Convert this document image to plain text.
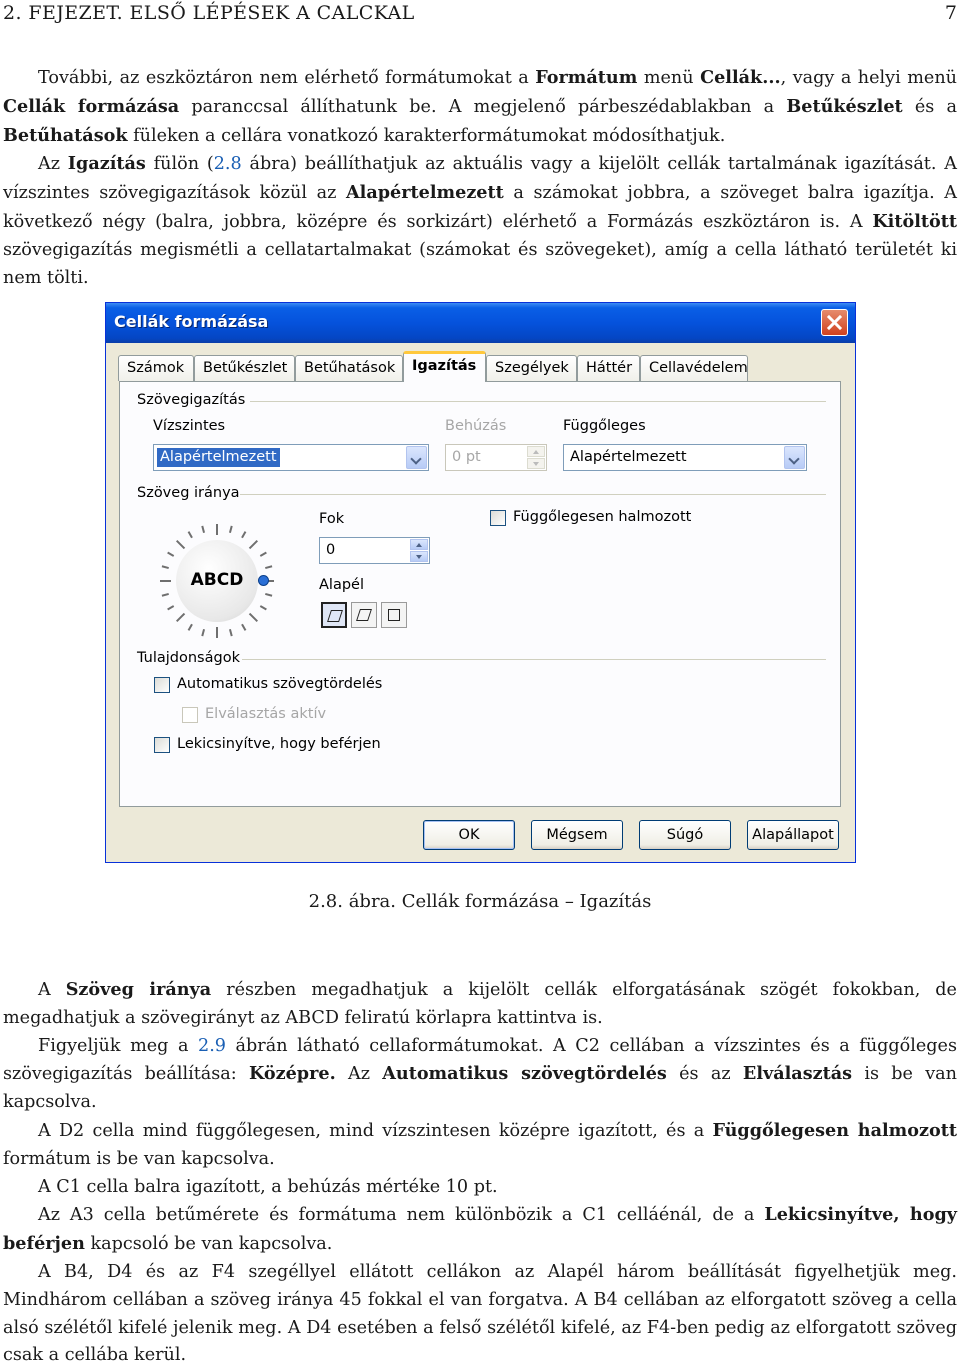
2. FEJEZET. ELSŐ LÉPÉSEK A CALCKAL	7

További, az eszköztáron nem elérhető formátumokat a Formátum menü Cellák..., vagy a helyi menü Cellák formázása paranccsal állíthatunk be. A megjelenő párbeszédablakban a Betűkészlet és a Betűhatások füleken a cellára vonatkozó karakterformátumokat módosíthatjuk.

Az Igazítás fülön (2.8 ábra) beállíthatjuk az aktuális vagy a kijelölt cellák tartalmának igazítását. A vízszintes szövegigazítások közül az Alapértelmezett a számokat jobbra, a szöveget balra igazítja. A következő négy (balra, jobbra, középre és sorkizárt) elérhető a Formázás eszköztáron is. A Kitöltött szövegigazítás megismétli a cellatartalmakat (számokat és szövegeket), amíg a cella látható területét ki nem tölti.

Cellák formázása
Számok	Betűkészlet	Betűhatások	Igazítás	Szegélyek	Háttér	Cellavédelem
Szövegigazítás
Vízszintes
Alapértelmezett
Behúzás
0 pt
Függőleges
Alapértelmezett
Szöveg iránya
ABCD
Fok
0
Alapél
Függőlegesen halmozott
Tulajdonságok
Automatikus szövegtördelés
Elválasztás aktív
Lekicsinyítve, hogy beférjen
OK	Mégsem	Súgó	Alapállapot
2.8. ábra. Cellák formázása – Igazítás

A Szöveg iránya részben megadhatjuk a kijelölt cellák elforgatásának szögét fokokban, de megadhatjuk a szövegirányt az ABCD feliratú körlapra kattintva is.

Figyeljük meg a 2.9 ábrán látható cellaformátumokat. A C2 cellában a vízszintes és a függőleges szövegigazítás beállítása: Középre. Az Automatikus szövegtördelés és az Elválasztás is be van kapcsolva.

A D2 cella mind függőlegesen, mind vízszintesen középre igazított, és a Függőlegesen halmozott formátum is be van kapcsolva.

A C1 cella balra igazított, a behúzás mértéke 10 pt.

Az A3 cella betűmérete és formátuma nem különbözik a C1 celláénál, de a Lekicsinyítve, hogy beférjen kapcsoló be van kapcsolva.

A B4, D4 és az F4 szegéllyel ellátott cellákon az Alapél három beállítását figyelhetjük meg. Mindhárom cellában a szöveg iránya 45 fokkal el van forgatva. A B4 cellában az elforgatott szöveg a cella alsó szélétől kifelé jelenik meg. A D4 esetében a felső szélétől kifelé, az F4-ben pedig az elforgatott szöveg csak a cellába kerül.
